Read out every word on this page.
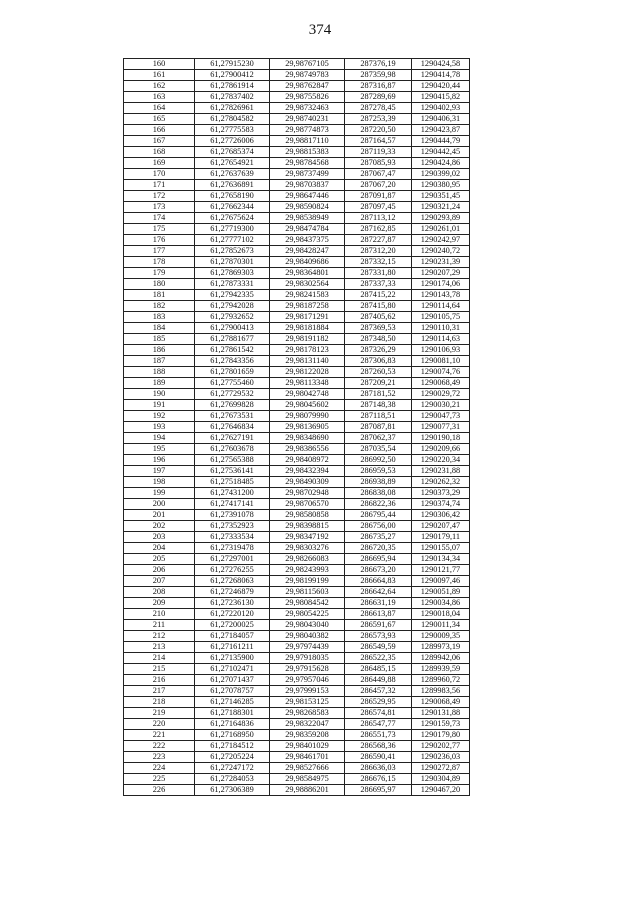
374
160	61,27915230	29,98767105	287376,19	1290424,58
161	61,27900412	29,98749783	287359,98	1290414,78
162	61,27861914	29,98762847	287316,87	1290420,44
163	61,27837402	29,98755826	287289,69	1290415,82
164	61,27826961	29,98732463	287278,45	1290402,93
165	61,27804582	29,98740231	287253,39	1290406,31
166	61,27775583	29,98774873	287220,50	1290423,87
167	61,27726006	29,98817110	287164,57	1290444,79
168	61,27685374	29,98815383	287119,33	1290442,45
169	61,27654921	29,98784568	287085,93	1290424,86
170	61,27637639	29,98737499	287067,47	1290399,02
171	61,27636891	29,98703837	287067,20	1290380,95
172	61,27658190	29,98647446	287091,87	1290351,45
173	61,27662344	29,98590824	287097,45	1290321,24
174	61,27675624	29,98538949	287113,12	1290293,89
175	61,27719300	29,98474784	287162,85	1290261,01
176	61,27777102	29,98437375	287227,87	1290242,97
177	61,27852673	29,98428247	287312,20	1290240,72
178	61,27870301	29,98409686	287332,15	1290231,39
179	61,27869303	29,98364801	287331,80	1290207,29
180	61,27873331	29,98302564	287337,33	1290174,06
181	61,27942335	29,98241583	287415,22	1290143,78
182	61,27942028	29,98187258	287415,80	1290114,64
183	61,27932652	29,98171291	287405,62	1290105,75
184	61,27900413	29,98181884	287369,53	1290110,31
185	61,27881677	29,98191182	287348,50	1290114,63
186	61,27861542	29,98178123	287326,29	1290106,93
187	61,27843356	29,98131140	287306,83	1290081,10
188	61,27801659	29,98122028	287260,53	1290074,76
189	61,27755460	29,98113348	287209,21	1290068,49
190	61,27729532	29,98042748	287181,52	1290029,72
191	61,27699828	29,98045602	287148,38	1290030,21
192	61,27673531	29,98079990	287118,51	1290047,73
193	61,27646834	29,98136905	287087,81	1290077,31
194	61,27627191	29,98348690	287062,37	1290190,18
195	61,27603678	29,98386556	287035,54	1290209,66
196	61,27565388	29,98408972	286992,50	1290220,34
197	61,27536141	29,98432394	286959,53	1290231,88
198	61,27518485	29,98490309	286938,89	1290262,32
199	61,27431200	29,98702948	286838,08	1290373,29
200	61,27417141	29,98706570	286822,36	1290374,74
201	61,27391078	29,98580858	286795,44	1290306,42
202	61,27352923	29,98398815	286756,00	1290207,47
203	61,27333534	29,98347192	286735,27	1290179,11
204	61,27319478	29,98303276	286720,35	1290155,07
205	61,27297001	29,98266083	286695,94	1290134,34
206	61,27276255	29,98243993	286673,20	1290121,77
207	61,27268063	29,98199199	286664,83	1290097,46
208	61,27246879	29,98115603	286642,64	1290051,89
209	61,27236130	29,98084542	286631,19	1290034,86
210	61,27220120	29,98054225	286613,87	1290018,04
211	61,27200025	29,98043040	286591,67	1290011,34
212	61,27184057	29,98040382	286573,93	1290009,35
213	61,27161211	29,97974439	286549,59	1289973,19
214	61,27135900	29,97918035	286522,35	1289942,06
215	61,27102471	29,97915628	286485,15	1289939,59
216	61,27071437	29,97957046	286449,88	1289960,72
217	61,27078757	29,97999153	286457,32	1289983,56
218	61,27146285	29,98153125	286529,95	1290068,49
219	61,27188301	29,98268583	286574,81	1290131,88
220	61,27164836	29,98322047	286547,77	1290159,73
221	61,27168950	29,98359208	286551,73	1290179,80
222	61,27184512	29,98401029	286568,36	1290202,77
223	61,27205224	29,98461701	286590,41	1290236,03
224	61,27247172	29,98527666	286636,03	1290272,87
225	61,27284053	29,98584975	286676,15	1290304,89
226	61,27306389	29,98886201	286695,97	1290467,20
